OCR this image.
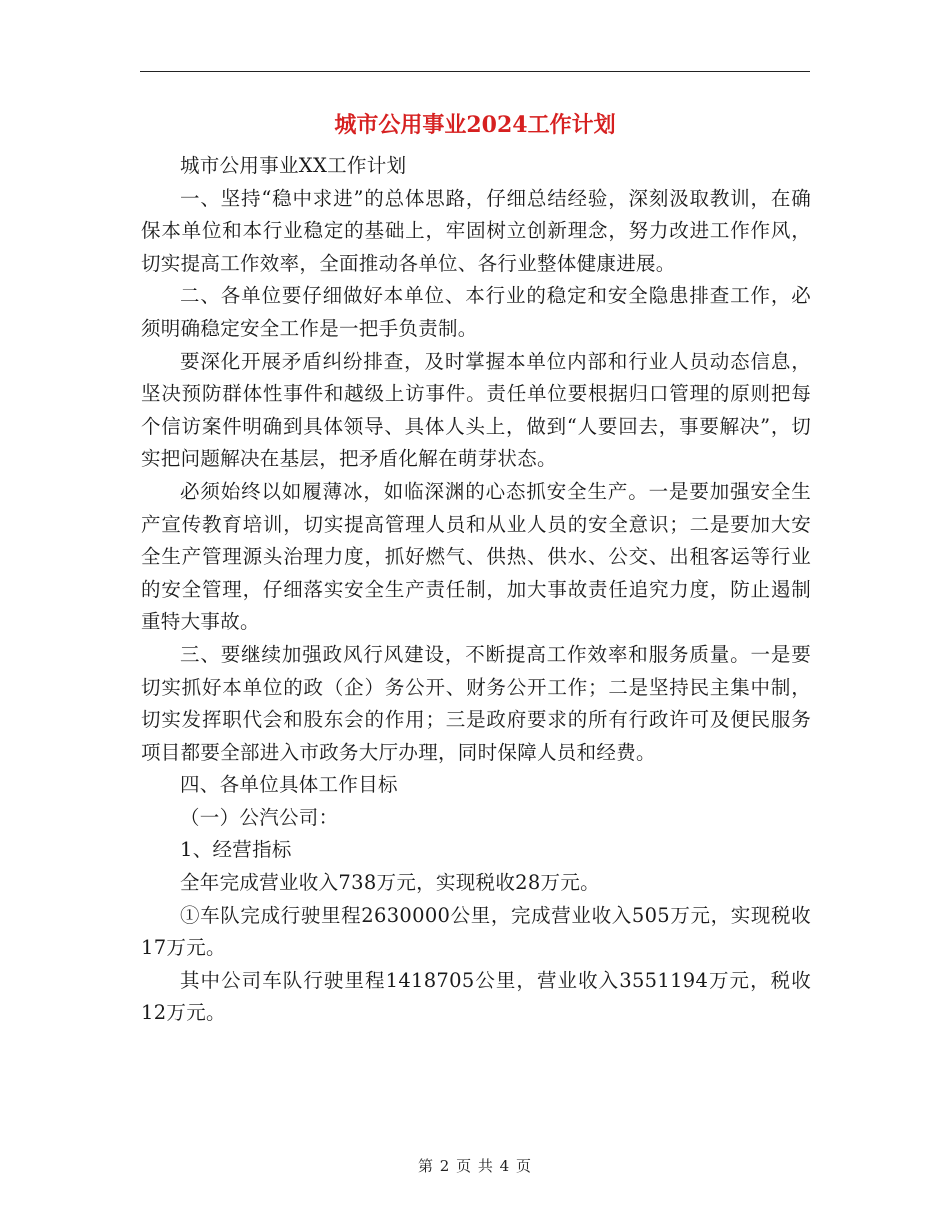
城市公用事业2024工作计划

城市公用事业XX工作计划

一、坚持“稳中求进”的总体思路，仔细总结经验，深刻汲取教训，在确保本单位和本行业稳定的基础上，牢固树立创新理念，努力改进工作作风，切实提高工作效率，全面推动各单位、各行业整体健康进展。

二、各单位要仔细做好本单位、本行业的稳定和安全隐患排查工作，必须明确稳定安全工作是一把手负责制。

要深化开展矛盾纠纷排查，及时掌握本单位内部和行业人员动态信息，坚决预防群体性事件和越级上访事件。责任单位要根据归口管理的原则把每个信访案件明确到具体领导、具体人头上，做到“人要回去，事要解决”，切实把问题解决在基层，把矛盾化解在萌芽状态。

必须始终以如履薄冰，如临深渊的心态抓安全生产。一是要加强安全生产宣传教育培训，切实提高管理人员和从业人员的安全意识；二是要加大安全生产管理源头治理力度，抓好燃气、供热、供水、公交、出租客运等行业的安全管理，仔细落实安全生产责任制，加大事故责任追究力度，防止遏制重特大事故。

三、要继续加强政风行风建设，不断提高工作效率和服务质量。一是要切实抓好本单位的政（企）务公开、财务公开工作；二是坚持民主集中制，切实发挥职代会和股东会的作用；三是政府要求的所有行政许可及便民服务项目都要全部进入市政务大厅办理，同时保障人员和经费。

四、各单位具体工作目标

（一）公汽公司：

1、经营指标

全年完成营业收入738万元，实现税收28万元。

①车队完成行驶里程2630000公里，完成营业收入505万元，实现税收17万元。

其中公司车队行驶里程1418705公里，营业收入3551194万元，税收12万元。

第 2 页 共 4 页
